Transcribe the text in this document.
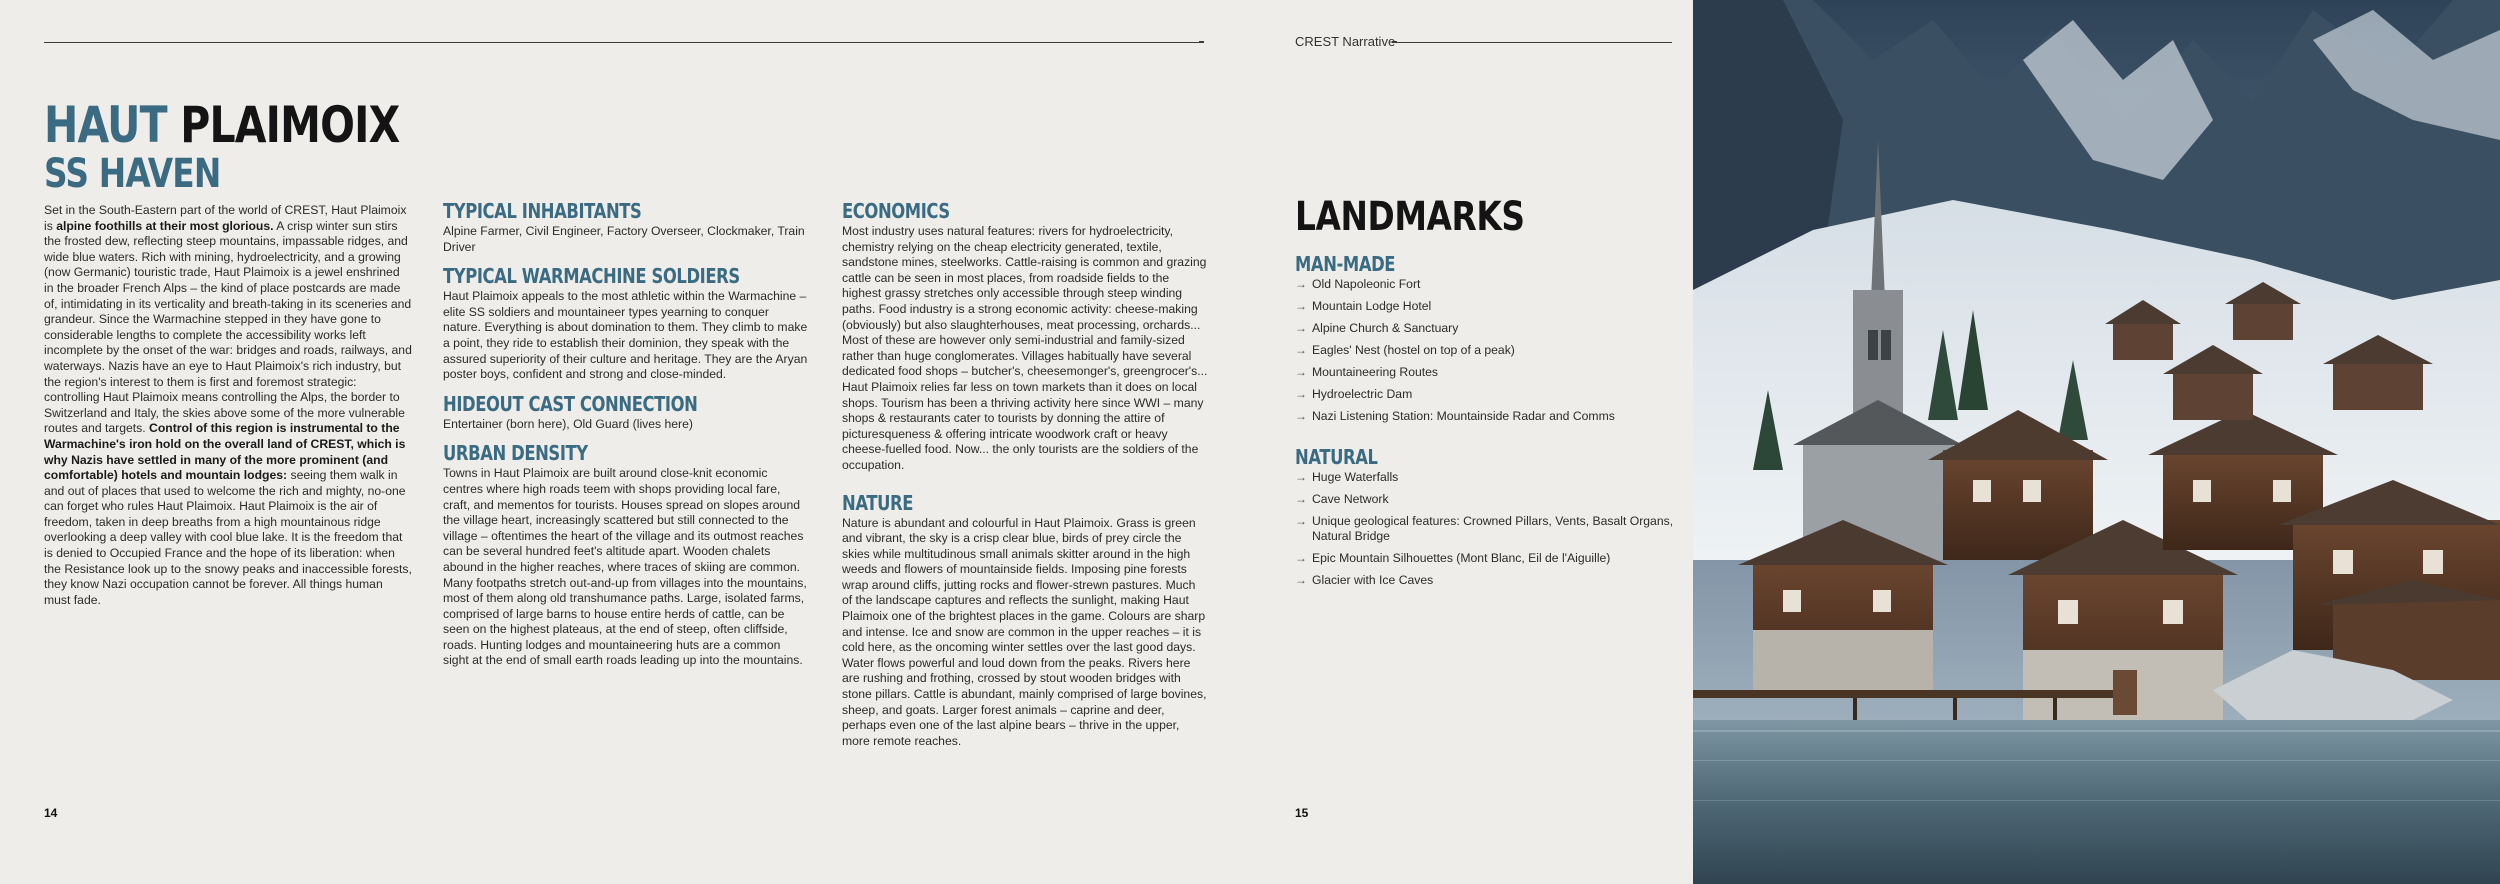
CREST Narrative
HAUT PLAIMOIX
SS HAVEN

Set in the South-Eastern part of the world of CREST, Haut Plaimoix is alpine foothills at their most glorious. A crisp winter sun stirs the frosted dew, reflecting steep mountains, impassable ridges, and wide blue waters. Rich with mining, hydroelectricity, and a growing (now Germanic) touristic trade, Haut Plaimoix is a jewel enshrined in the broader French Alps – the kind of place postcards are made of, intimidating in its verticality and breath-taking in its sceneries and grandeur. Since the Warmachine stepped in they have gone to considerable lengths to complete the accessibility works left incomplete by the onset of the war: bridges and roads, railways, and waterways. Nazis have an eye to Haut Plaimoix's rich industry, but the region's interest to them is first and foremost strategic: controlling Haut Plaimoix means controlling the Alps, the border to Switzerland and Italy, the skies above some of the more vulnerable routes and targets. Control of this region is instrumental to the Warmachine's iron hold on the overall land of CREST, which is why Nazis have settled in many of the more prominent (and comfortable) hotels and mountain lodges: seeing them walk in and out of places that used to welcome the rich and mighty, no-one can forget who rules Haut Plaimoix. Haut Plaimoix is the air of freedom, taken in deep breaths from a high mountainous ridge overlooking a deep valley with cool blue lake. It is the freedom that is denied to Occupied France and the hope of its liberation: when the Resistance look up to the snowy peaks and inaccessible forests, they know Nazi occupation cannot be forever. All things human must fade.

TYPICAL INHABITANTS

Alpine Farmer, Civil Engineer, Factory Overseer, Clockmaker, Train Driver

TYPICAL WARMACHINE SOLDIERS

Haut Plaimoix appeals to the most athletic within the Warmachine – elite SS soldiers and mountaineer types yearning to conquer nature. Everything is about domination to them. They climb to make a point, they ride to establish their dominion, they speak with the assured superiority of their culture and heritage. They are the Aryan poster boys, confident and strong and close-minded.

HIDEOUT CAST CONNECTION

Entertainer (born here), Old Guard (lives here)

URBAN DENSITY

Towns in Haut Plaimoix are built around close-knit economic centres where high roads teem with shops providing local fare, craft, and mementos for tourists. Houses spread on slopes around the village heart, increasingly scattered but still connected to the village – oftentimes the heart of the village and its outmost reaches can be several hundred feet's altitude apart. Wooden chalets abound in the higher reaches, where traces of skiing are common. Many footpaths stretch out-and-up from villages into the mountains, most of them along old transhumance paths. Large, isolated farms, comprised of large barns to house entire herds of cattle, can be seen on the highest plateaus, at the end of steep, often cliffside, roads. Hunting lodges and mountaineering huts are a common sight at the end of small earth roads leading up into the mountains.

ECONOMICS

Most industry uses natural features: rivers for hydroelectricity, chemistry relying on the cheap electricity generated, textile, sandstone mines, steelworks. Cattle-raising is common and grazing cattle can be seen in most places, from roadside fields to the highest grassy stretches only accessible through steep winding paths. Food industry is a strong economic activity: cheese-making (obviously) but also slaughterhouses, meat processing, orchards... Most of these are however only semi-industrial and family-sized rather than huge conglomerates. Villages habitually have several dedicated food shops – butcher's, cheesemonger's, greengrocer's... Haut Plaimoix relies far less on town markets than it does on local shops. Tourism has been a thriving activity here since WWI – many shops & restaurants cater to tourists by donning the attire of picturesqueness & offering intricate woodwork craft or heavy cheese-fuelled food. Now... the only tourists are the soldiers of the occupation.

NATURE

Nature is abundant and colourful in Haut Plaimoix. Grass is green and vibrant, the sky is a crisp clear blue, birds of prey circle the skies while multitudinous small animals skitter around in the high weeds and flowers of mountainside fields. Imposing pine forests wrap around cliffs, jutting rocks and flower-strewn pastures. Much of the landscape captures and reflects the sunlight, making Haut Plaimoix one of the brightest places in the game. Colours are sharp and intense. Ice and snow are common in the upper reaches – it is cold here, as the oncoming winter settles over the last good days. Water flows powerful and loud down from the peaks. Rivers here are rushing and frothing, crossed by stout wooden bridges with stone pillars. Cattle is abundant, mainly comprised of large bovines, sheep, and goats. Larger forest animals – caprine and deer, perhaps even one of the last alpine bears – thrive in the upper, more remote reaches.

LANDMARKS
MAN-MADE
→ Old Napoleonic Fort
→ Mountain Lodge Hotel
→ Alpine Church & Sanctuary
→ Eagles' Nest (hostel on top of a peak)
→ Mountaineering Routes
→ Hydroelectric Dam
→ Nazi Listening Station: Mountainside Radar and Comms
NATURAL
→ Huge Waterfalls
→ Cave Network
→ Unique geological features: Crowned Pillars, Vents, Basalt Organs, Natural Bridge
→ Epic Mountain Silhouettes (Mont Blanc, Eil de l'Aiguille)
→ Glacier with Ice Caves
14	15
